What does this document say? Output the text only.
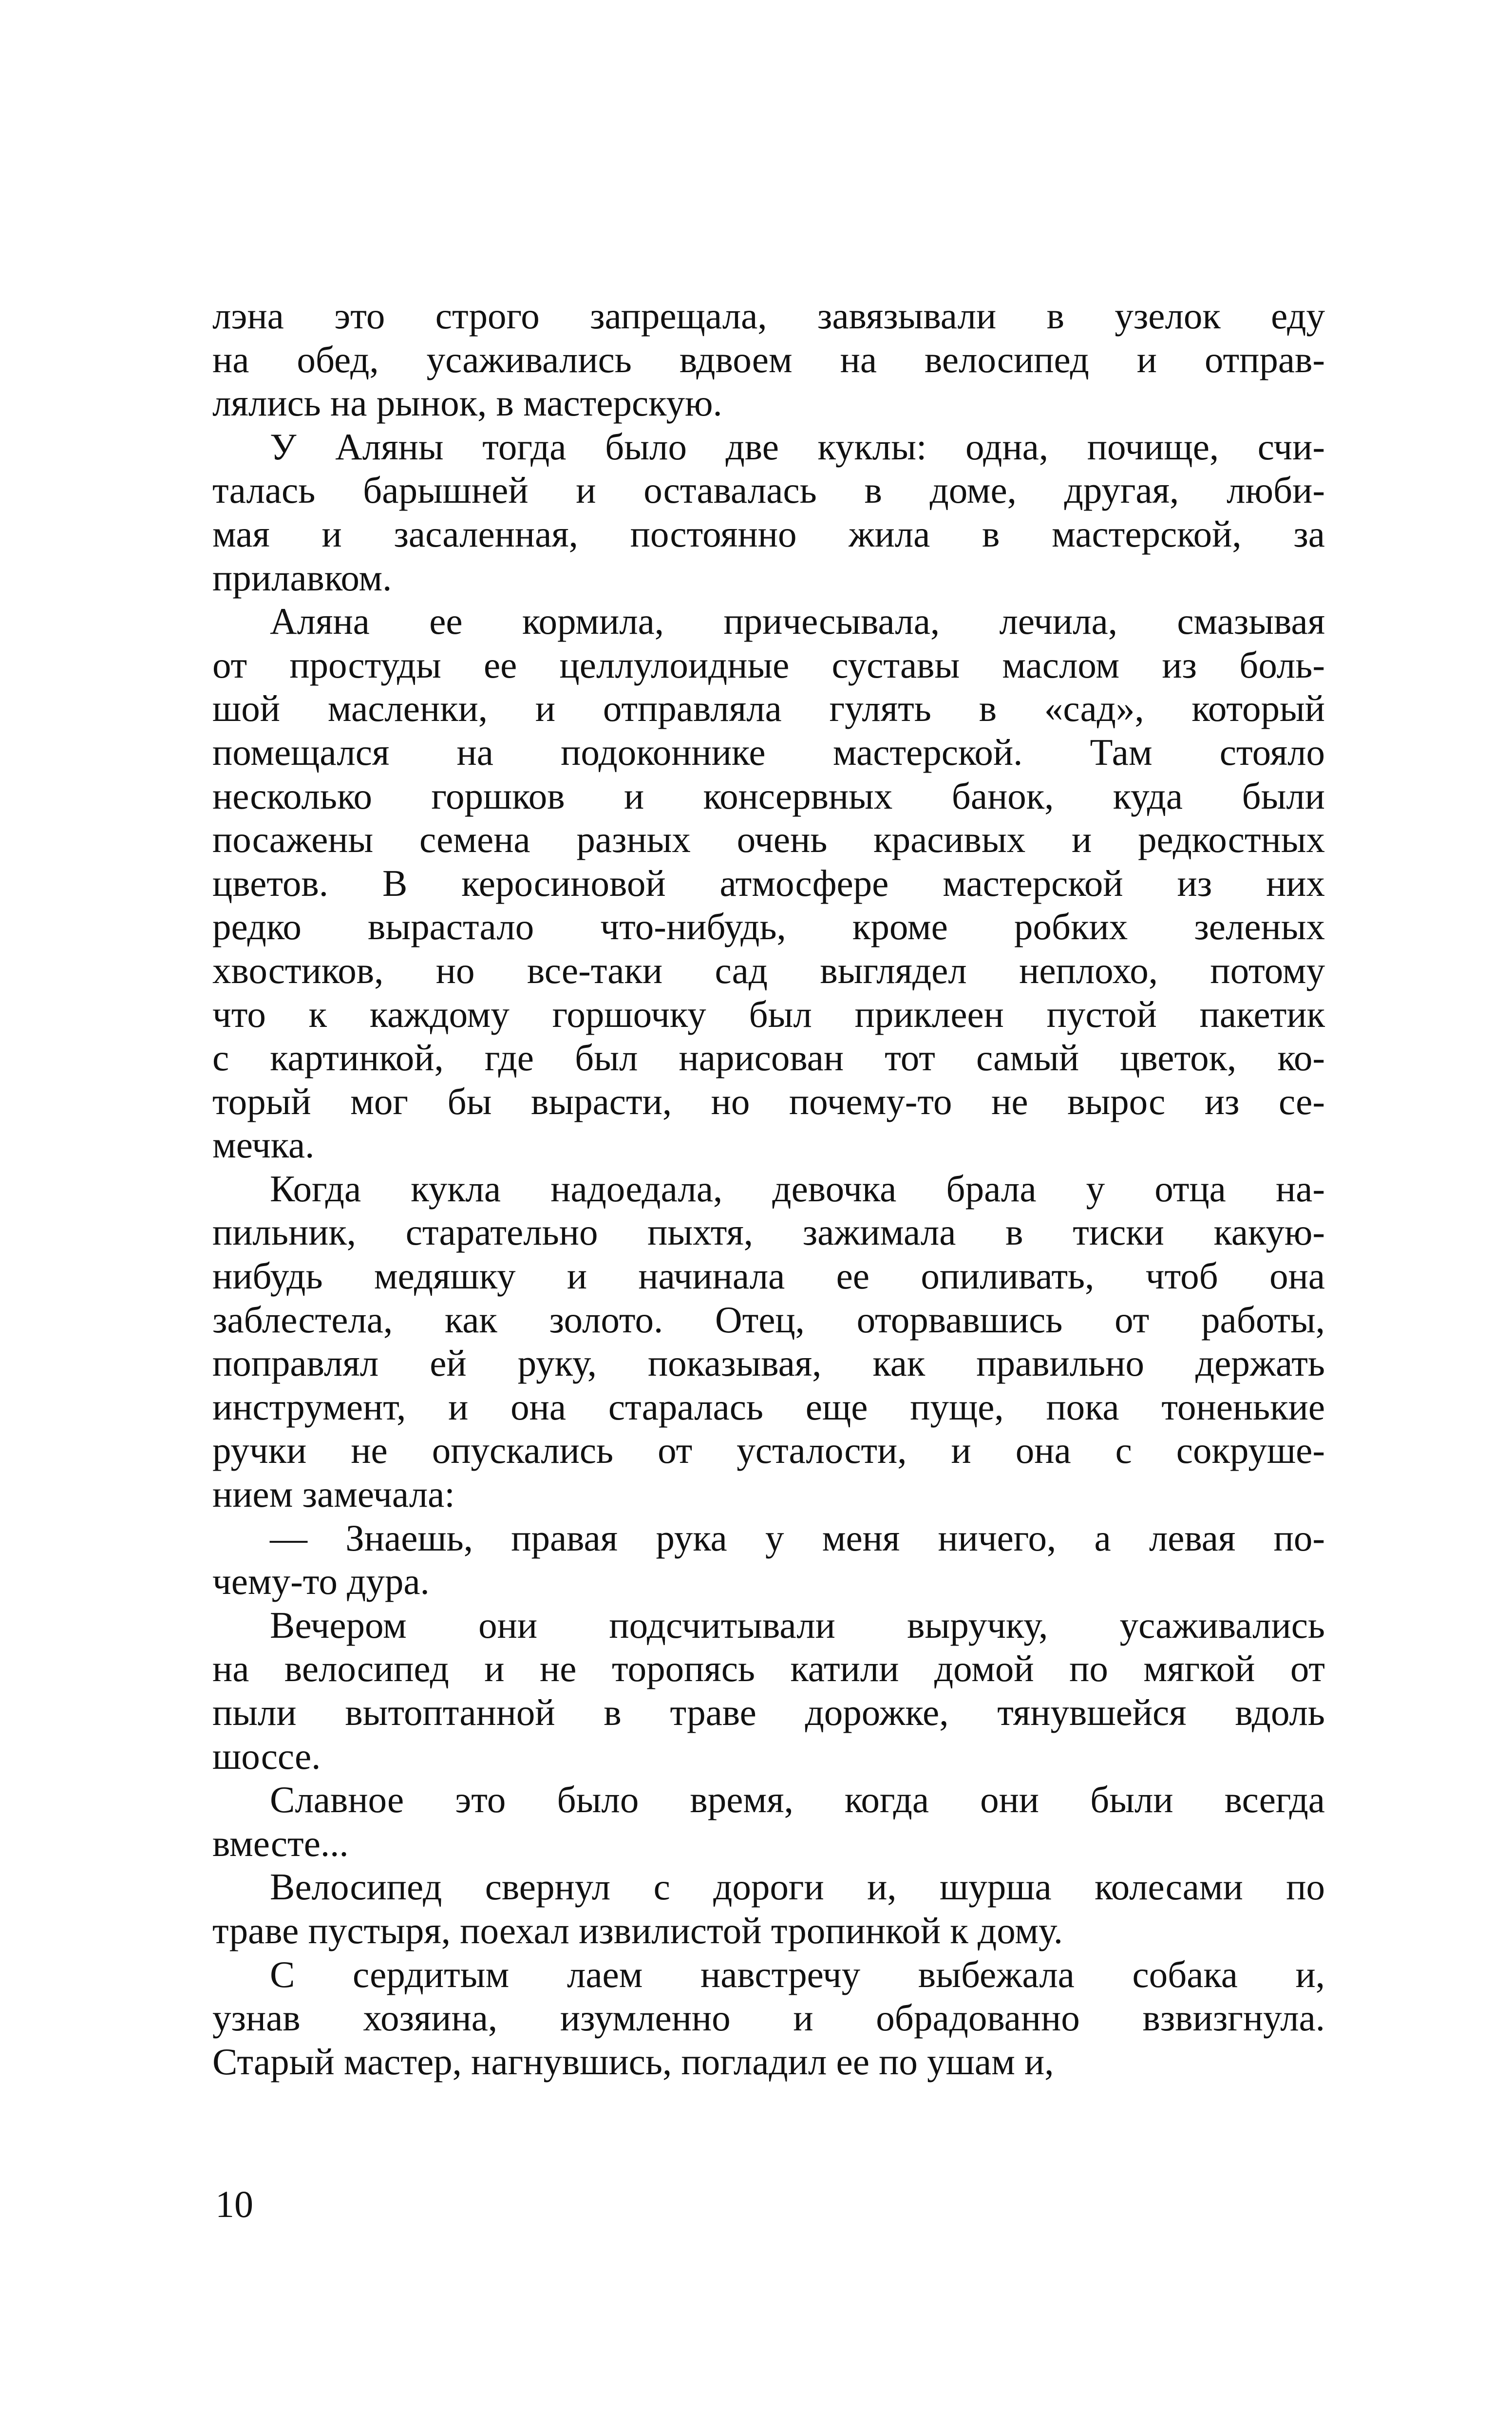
лэна это строго запрещала, завязывали в узелок еду
на обед, усаживались вдвоем на велосипед и отправ-
лялись на рынок, в мастерскую.
У Аляны тогда было две куклы: одна, почище, счи-
талась барышней и оставалась в доме, другая, люби-
мая и засаленная, постоянно жила в мастерской, за
прилавком.
Аляна ее кормила, причесывала, лечила, смазывая
от простуды ее целлулоидные суставы маслом из боль-
шой масленки, и отправляла гулять в «сад», который
помещался на подоконнике мастерской. Там стояло
несколько горшков и консервных банок, куда были
посажены семена разных очень красивых и редкостных
цветов. В керосиновой атмосфере мастерской из них
редко вырастало что-нибудь, кроме робких зеленых
хвостиков, но все-таки сад выглядел неплохо, потому
что к каждому горшочку был приклеен пустой пакетик
с картинкой, где был нарисован тот самый цветок, ко-
торый мог бы вырасти, но почему-то не вырос из се-
мечка.
Когда кукла надоедала, девочка брала у отца на-
пильник, старательно пыхтя, зажимала в тиски какую-
нибудь медяшку и начинала ее опиливать, чтоб она
заблестела, как золото. Отец, оторвавшись от работы,
поправлял ей руку, показывая, как правильно держать
инструмент, и она старалась еще пуще, пока тоненькие
ручки не опускались от усталости, и она с сокруше-
нием замечала:
— Знаешь, правая рука у меня ничего, а левая по-
чему-то дура.
Вечером они подсчитывали выручку, усаживались
на велосипед и не торопясь катили домой по мягкой от
пыли вытоптанной в траве дорожке, тянувшейся вдоль
шоссе.
Славное это было время, когда они были всегда
вместе...
Велосипед свернул с дороги и, шурша колесами по
траве пустыря, поехал извилистой тропинкой к дому.
С сердитым лаем навстречу выбежала собака и,
узнав хозяина, изумленно и обрадованно взвизгнула.
Старый мастер, нагнувшись, погладил ее по ушам и,
10
